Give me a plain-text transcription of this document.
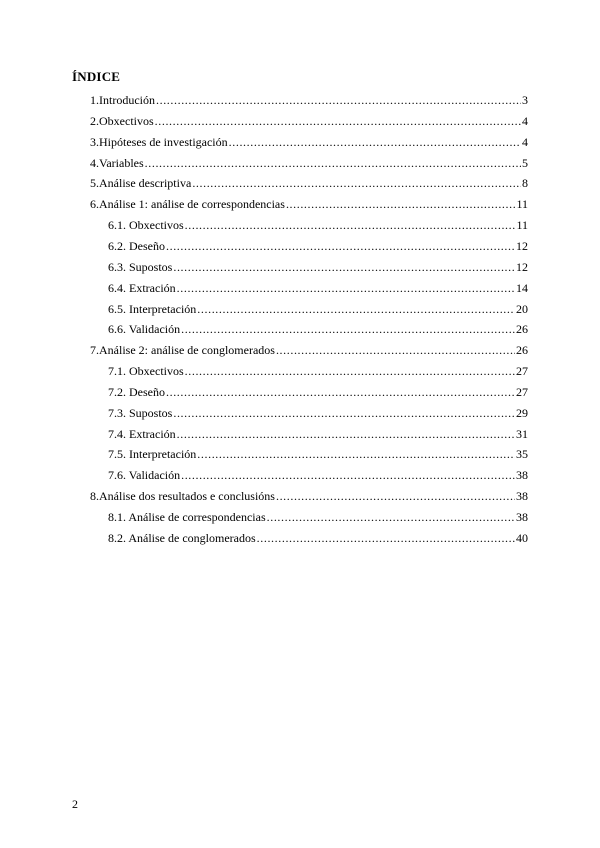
ÍNDICE
1. Introdución .....	3
2. Obxectivos .....	4
3. Hipóteses de investigación .....	4
4. Variables .....	5
5. Análise descriptiva .....	8
6. Análise 1: análise de correspondencias .....	11
6.1. Obxectivos .....	11
6.2. Deseño .....	12
6.3. Supostos .....	12
6.4. Extración .....	14
6.5. Interpretación .....	20
6.6. Validación .....	26
7. Análise 2: análise de conglomerados .....	26
7.1. Obxectivos .....	27
7.2. Deseño .....	27
7.3. Supostos .....	29
7.4. Extración .....	31
7.5. Interpretación .....	35
7.6. Validación .....	38
8. Análise dos resultados e conclusións .....	38
8.1. Análise de correspondencias .....	38
8.2. Análise de conglomerados .....	40
2
